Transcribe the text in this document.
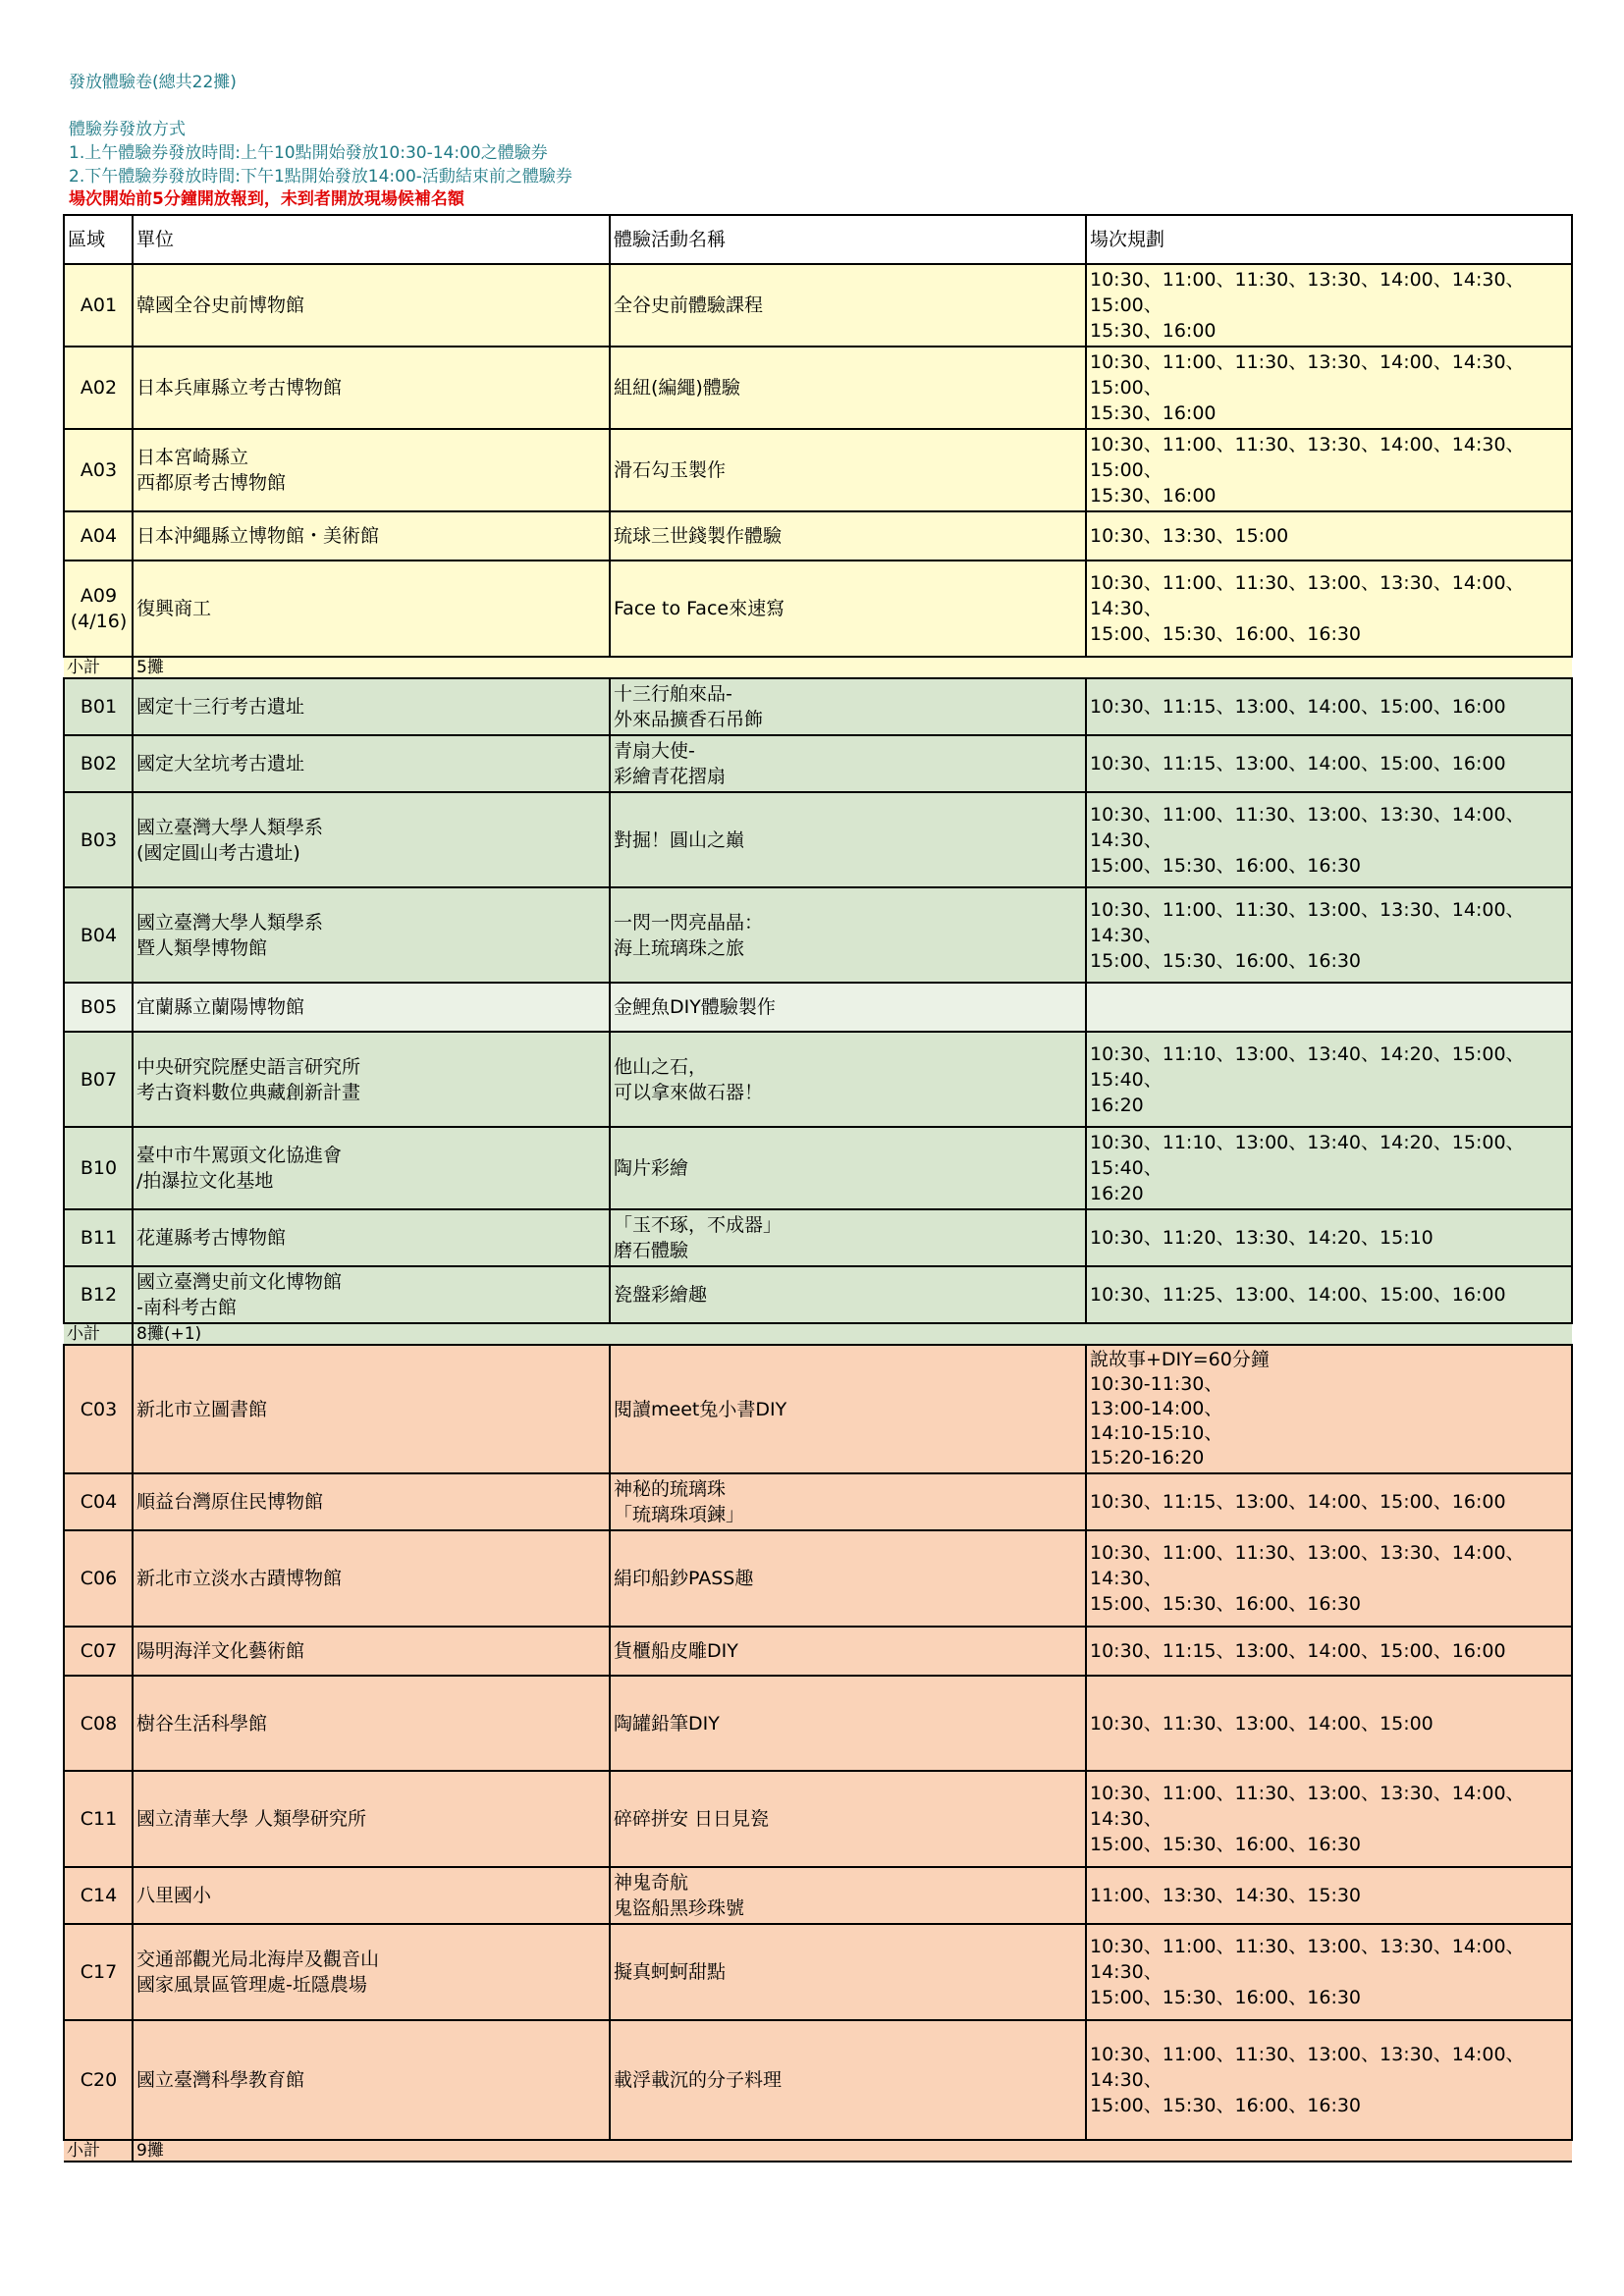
發放體驗卷(總共22攤)
體驗券發放方式
1.上午體驗券發放時間:上午10點開始發放10:30-14:00之體驗券
2.下午體驗券發放時間:下午1點開始發放14:00-活動結束前之體驗券
場次開始前5分鐘開放報到，未到者開放現場候補名額
區域	單位	體驗活動名稱	場次規劃

A01	韓國全谷史前博物館	全谷史前體驗課程	10:30、11:00、11:30、13:30、14:00、14:30、15:00、
15:30、16:00

A02	日本兵庫縣立考古博物館	組紐(編繩)體驗	10:30、11:00、11:30、13:30、14:00、14:30、15:00、
15:30、16:00

A03	日本宮崎縣立
西都原考古博物館	滑石勾玉製作	10:30、11:00、11:30、13:30、14:00、14:30、15:00、
15:30、16:00

A04	日本沖繩縣立博物館・美術館	琉球三世錢製作體驗	10:30、13:30、15:00

A09
(4/16)	復興商工	Face to Face來速寫	10:30、11:00、11:30、13:00、13:30、14:00、14:30、
15:00、15:30、16:00、16:30

小計	5攤		

B01	國定十三行考古遺址	十三行舶來品-
外來品擴香石吊飾	10:30、11:15、13:00、14:00、15:00、16:00

B02	國定大坌坑考古遺址	青扇大使-
彩繪青花摺扇	10:30、11:15、13:00、14:00、15:00、16:00

B03	國立臺灣大學人類學系
(國定圓山考古遺址)	對掘！圓山之巔	10:30、11:00、11:30、13:00、13:30、14:00、14:30、
15:00、15:30、16:00、16:30

B04	國立臺灣大學人類學系
暨人類學博物館	一閃一閃亮晶晶：
海上琉璃珠之旅	10:30、11:00、11:30、13:00、13:30、14:00、14:30、
15:00、15:30、16:00、16:30

B05	宜蘭縣立蘭陽博物館	金鯉魚DIY體驗製作	

B07	中央研究院歷史語言研究所
考古資料數位典藏創新計畫	他山之石，
可以拿來做石器！	10:30、11:10、13:00、13:40、14:20、15:00、15:40、
16:20

B10	臺中市牛罵頭文化協進會
/拍瀑拉文化基地	陶片彩繪	10:30、11:10、13:00、13:40、14:20、15:00、15:40、
16:20

B11	花蓮縣考古博物館	「玉不琢，不成器」
磨石體驗	10:30、11:20、13:30、14:20、15:10

B12	國立臺灣史前文化博物館
-南科考古館	瓷盤彩繪趣	10:30、11:25、13:00、14:00、15:00、16:00

小計	8攤(+1)		

C03	新北市立圖書館	閱讀meet兔小書DIY	說故事+DIY=60分鐘
10:30-11:30、
13:00-14:00、
14:10-15:10、
15:20-16:20

C04	順益台灣原住民博物館	神秘的琉璃珠
「琉璃珠項鍊」	10:30、11:15、13:00、14:00、15:00、16:00

C06	新北市立淡水古蹟博物館	絹印船鈔PASS趣	10:30、11:00、11:30、13:00、13:30、14:00、14:30、
15:00、15:30、16:00、16:30

C07	陽明海洋文化藝術館	貨櫃船皮雕DIY	10:30、11:15、13:00、14:00、15:00、16:00

C08	樹谷生活科學館	陶罐鉛筆DIY	10:30、11:30、13:00、14:00、15:00

C11	國立清華大學 人類學研究所	碎碎拼安 日日見瓷	10:30、11:00、11:30、13:00、13:30、14:00、14:30、
15:00、15:30、16:00、16:30

C14	八里國小	神鬼奇航
鬼盜船黑珍珠號	11:00、13:30、14:30、15:30

C17	交通部觀光局北海岸及觀音山
國家風景區管理處-坵隱農場	擬真蚵蚵甜點	10:30、11:00、11:30、13:00、13:30、14:00、14:30、
15:00、15:30、16:00、16:30

C20	國立臺灣科學教育館	載浮載沉的分子料理	10:30、11:00、11:30、13:00、13:30、14:00、14:30、
15:00、15:30、16:00、16:30

小計	9攤		
